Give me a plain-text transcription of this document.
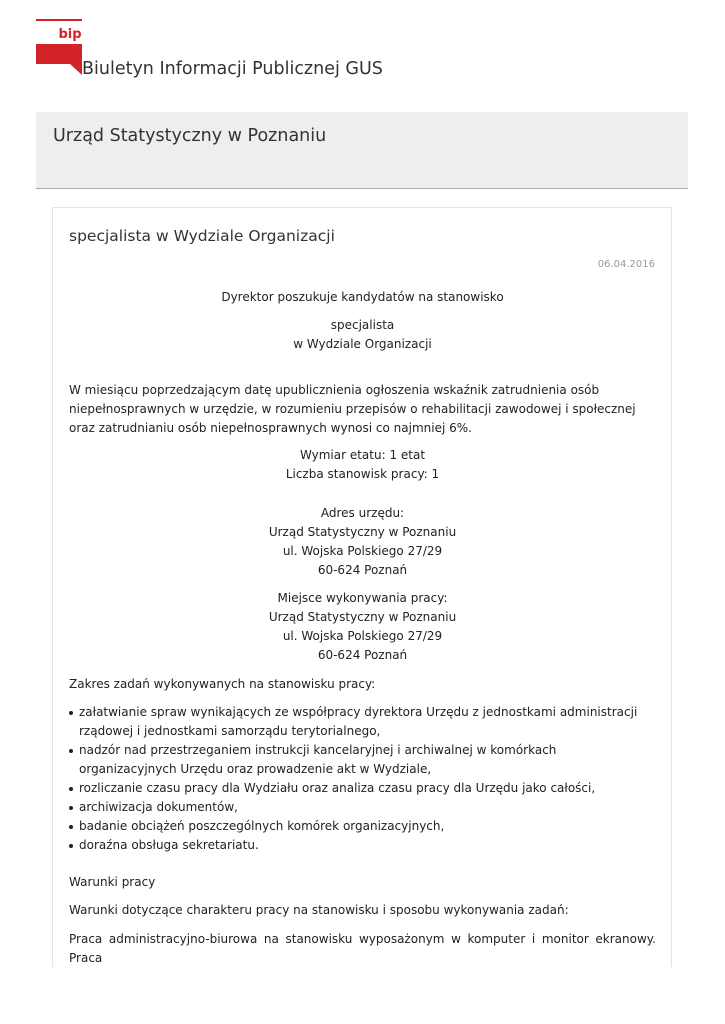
bip
Biuletyn Informacji Publicznej GUS
Urząd Statystyczny w Poznaniu
specjalista w Wydziale Organizacji
06.04.2016
Dyrektor poszukuje kandydatów na stanowisko
specjalista
w Wydziale Organizacji
W miesiącu poprzedzającym datę upublicznienia ogłoszenia wskaźnik zatrudnienia osób niepełnosprawnych w urzędzie, w rozumieniu przepisów o rehabilitacji zawodowej i społecznej oraz zatrudnianiu osób niepełnosprawnych wynosi co najmniej 6%.
Wymiar etatu: 1 etat
Liczba stanowisk pracy: 1
Adres urzędu:
Urząd Statystyczny w Poznaniu
ul. Wojska Polskiego 27/29
60-624 Poznań
Miejsce wykonywania pracy:
Urząd Statystyczny w Poznaniu
ul. Wojska Polskiego 27/29
60-624 Poznań
Zakres zadań wykonywanych na stanowisku pracy:
załatwianie spraw wynikających ze współpracy dyrektora Urzędu z jednostkami administracji rządowej i jednostkami samorządu terytorialnego,
nadzór nad przestrzeganiem instrukcji kancelaryjnej i archiwalnej w komórkach organizacyjnych Urzędu oraz prowadzenie akt w Wydziale,
rozliczanie czasu pracy dla Wydziału oraz analiza czasu pracy dla Urzędu jako całości,
archiwizacja dokumentów,
badanie obciążeń poszczególnych komórek organizacyjnych,
doraźna obsługa sekretariatu.
Warunki pracy
Warunki dotyczące charakteru pracy na stanowisku i sposobu wykonywania zadań:
Praca administracyjno-biurowa na stanowisku wyposażonym w komputer i monitor ekranowy. Praca
